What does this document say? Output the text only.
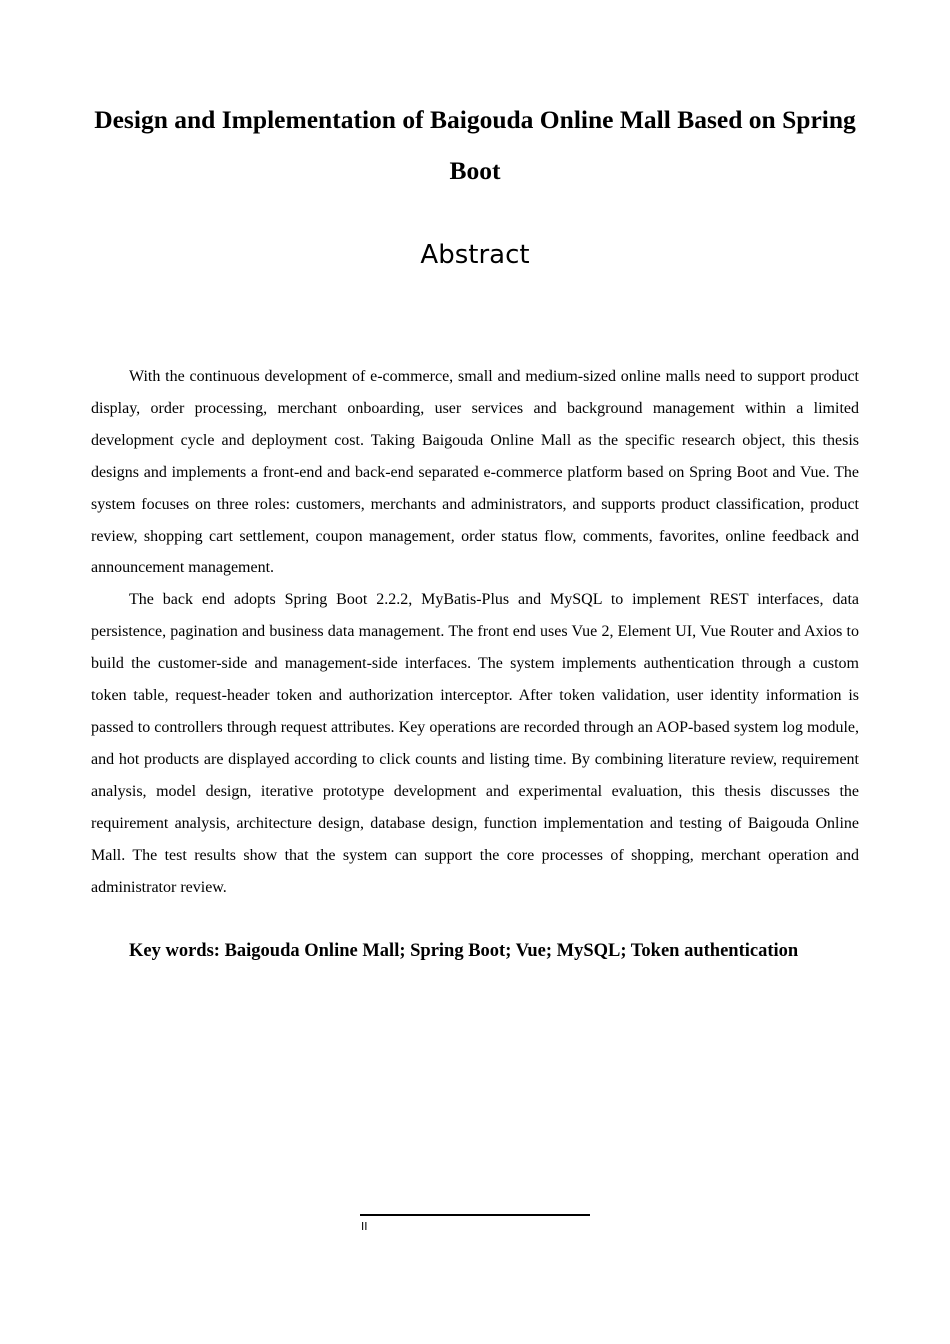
Design and Implementation of Baigouda Online Mall Based on Spring Boot
Abstract

With the continuous development of e-commerce, small and medium-sized online malls need to support product display, order processing, merchant onboarding, user services and background management within a limited development cycle and deployment cost. Taking Baigouda Online Mall as the specific research object, this thesis designs and implements a front-end and back-end separated e-commerce platform based on Spring Boot and Vue. The system focuses on three roles: customers, merchants and administrators, and supports product classification, product review, shopping cart settlement, coupon management, order status flow, comments, favorites, online feedback and announcement management.

The back end adopts Spring Boot 2.2.2, MyBatis-Plus and MySQL to implement REST interfaces, data persistence, pagination and business data management. The front end uses Vue 2, Element UI, Vue Router and Axios to build the customer-side and management-side interfaces. The system implements authentication through a custom token table, request-header token and authorization interceptor. After token validation, user identity information is passed to controllers through request attributes. Key operations are recorded through an AOP-based system log module, and hot products are displayed according to click counts and listing time. By combining literature review, requirement analysis, model design, iterative prototype development and experimental evaluation, this thesis discusses the requirement analysis, architecture design, database design, function implementation and testing of Baigouda Online Mall. The test results show that the system can support the core processes of shopping, merchant operation and administrator review.

Key words: Baigouda Online Mall; Spring Boot; Vue; MySQL; Token authentication

II
